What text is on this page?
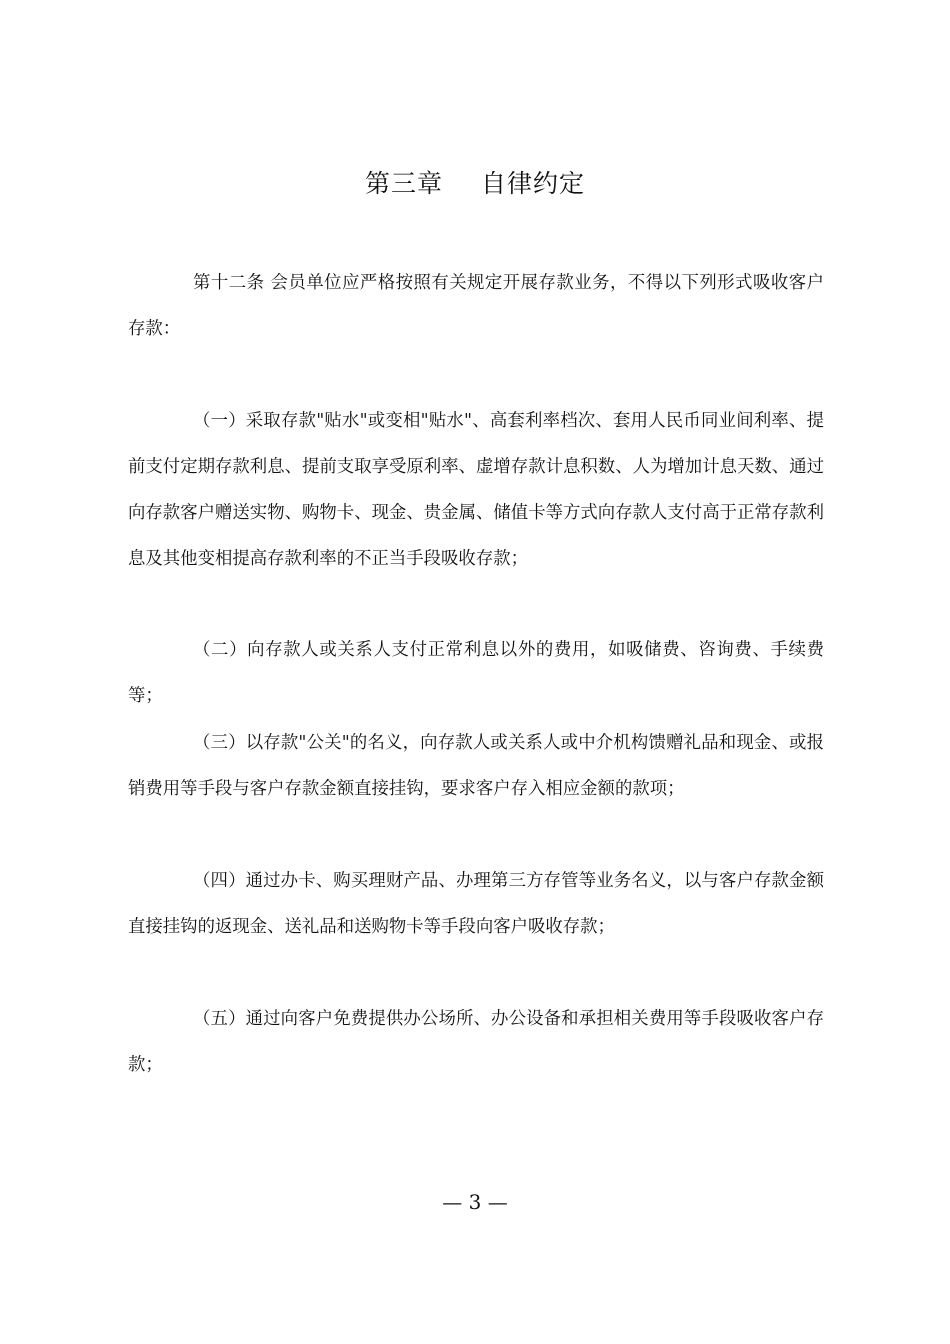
第三章 自律约定
第十二条 会员单位应严格按照有关规定开展存款业务，不得以下列形式吸收客户存款：
（一）采取存款"贴水"或变相"贴水"、高套利率档次、套用人民币同业间利率、提前支付定期存款利息、提前支取享受原利率、虚增存款计息积数、人为增加计息天数、通过向存款客户赠送实物、购物卡、现金、贵金属、储值卡等方式向存款人支付高于正常存款利息及其他变相提高存款利率的不正当手段吸收存款；
（二）向存款人或关系人支付正常利息以外的费用，如吸储费、咨询费、手续费等；
（三）以存款"公关"的名义，向存款人或关系人或中介机构馈赠礼品和现金、或报销费用等手段与客户存款金额直接挂钩，要求客户存入相应金额的款项；
（四）通过办卡、购买理财产品、办理第三方存管等业务名义，以与客户存款金额直接挂钩的返现金、送礼品和送购物卡等手段向客户吸收存款；
（五）通过向客户免费提供办公场所、办公设备和承担相关费用等手段吸收客户存款；
— 3 —
